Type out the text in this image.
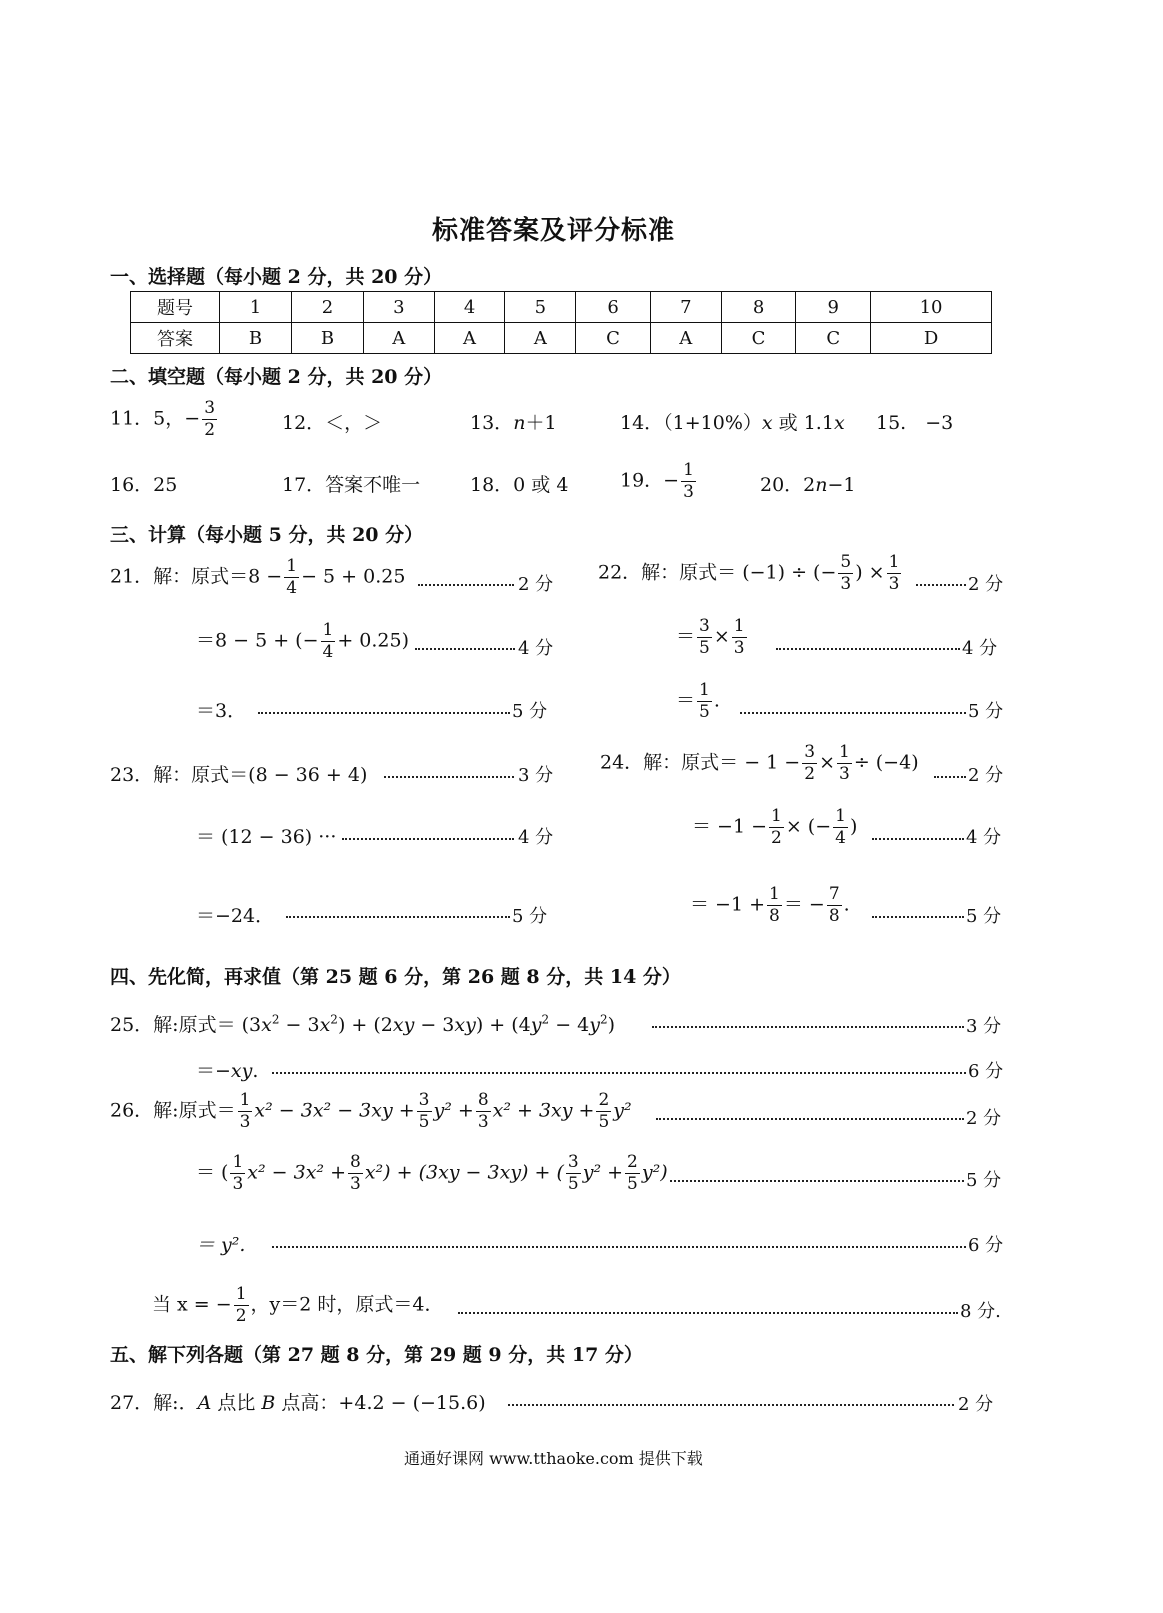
标准答案及评分标准
一、选择题（每小题 2 分，共 20 分）
题号	1	2	3	4	5	6	7	8	9	10
答案	B	B	A	A	A	C	A	C	C	D
二、填空题（每小题 2 分，共 20 分）
11．5，− $\frac{3}{2}$	12．＜，＞	13．n＋1	14．（1+10%）x 或 1.1x 15.　−3
16．25	17．答案不唯一	18．0 或 4	19．− $\frac{1}{3}$	20．2n−1
三、计算（每小题 5 分，共 20 分）
21．解：原式$=8 - \frac{1}{4} - 5 + 0.25$	2 分
＝8 − 5 + (− $\frac{1}{4} + 0.25$)	4 分
＝3．	5 分
22．解：原式＝ (−1) ÷ (− $\frac{5}{3}$ ) × $\frac{1}{3}$	2 分
＝ $\frac{3}{5} \times \frac{1}{3}$	4 分
＝ $\frac{1}{5}$ .	5 分
23．解：原式＝(8 − 36 + 4)	3 分
＝ (12 − 36) ···	4 分
＝−24．	5 分
24．解：原式＝ − $1 - \frac{3}{2} \times \frac{1}{3} \div (-4)$
2 分
＝ $-1 - \frac{1}{2}$ × (− $\frac{1}{4}$ )	4 分
＝ $-1 + \frac{1}{8}$ ＝ − $\frac{7}{8}$ .
5 分
四、先化简，再求值（第 25 题 6 分，第 26 题 8 分，共 14 分）
25．解:原式＝ $(3x^2 - 3x^2) + (2xy - 3xy) + (4y^2 - 4y^2)$	3 分
＝−xy.	6 分
26．解:原式＝ $\frac{1}{3} x^2 - 3x^2 - 3xy + \frac{3}{5} y^2 + \frac{8}{3} x^2 + 3xy + \frac{2}{5} y^2$	2 分
＝ ( $\frac{1}{3} x^2 - 3x^2 + \frac{8}{3} x^2) + (3xy - 3xy)$ + ( $\frac{3}{5} y^2 + \frac{2}{5} y^2$)	5 分
＝ y².	6 分
当 x = − $\frac{1}{2}$ ，y＝2 时，原式＝4．	8 分.
五、解下列各题（第 27 题 8 分，第 29 题 9 分，共 17 分）
27．解:．A 点比 B 点高：+4.2 − (−15.6)	2 分
通通好课网 www.tthaoke.com 提供下载
